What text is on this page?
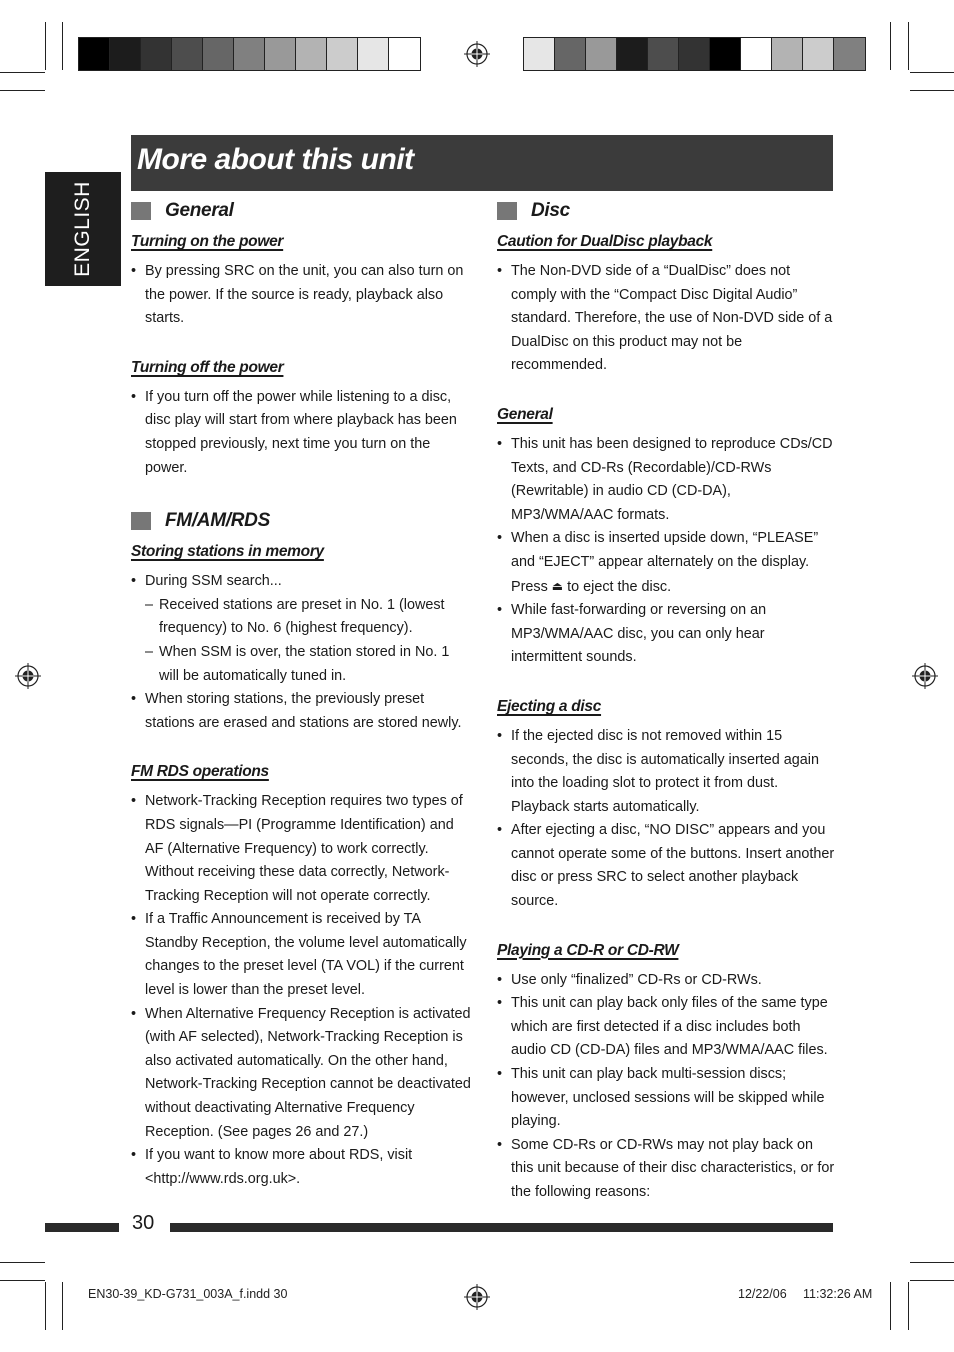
More about this unit
ENGLISH	General
Turning on the power
• By pressing SRC on the unit, you can also turn on the power. If the source is ready, playback also starts.
Turning off the power
• If you turn off the power while listening to a disc, disc play will start from where playback has been stopped previously, next time you turn on the power.
FM/AM/RDS
Storing stations in memory
• During SSM search...
– Received stations are preset in No. 1 (lowest frequency) to No. 6 (highest frequency).
– When SSM is over, the station stored in No. 1 will be automatically tuned in.
• When storing stations, the previously preset stations are erased and stations are stored newly.
FM RDS operations
• Network-Tracking Reception requires two types of RDS signals—PI (Programme Identification) and AF (Alternative Frequency) to work correctly. Without receiving these data correctly, Network-Tracking Reception will not operate correctly.
• If a Traffic Announcement is received by TA Standby Reception, the volume level automatically changes to the preset level (TA VOL) if the current level is lower than the preset level.
• When Alternative Frequency Reception is activated (with AF selected), Network-Tracking Reception is also activated automatically. On the other hand, Network-Tracking Reception cannot be deactivated without deactivating Alternative Frequency Reception. (See pages 26 and 27.)
• If you want to know more about RDS, visit <http://www.rds.org.uk>.
Disc
Caution for DualDisc playback
• The Non-DVD side of a “DualDisc” does not comply with the “Compact Disc Digital Audio” standard. Therefore, the use of Non-DVD side of a DualDisc on this product may not be recommended.
General
• This unit has been designed to reproduce CDs/CD Texts, and CD-Rs (Recordable)/CD-RWs (Rewritable) in audio CD (CD-DA), MP3/WMA/AAC formats.
• When a disc is inserted upside down, “PLEASE” and “EJECT” appear alternately on the display. Press ⏏ to eject the disc.
• While fast-forwarding or reversing on an MP3/WMA/AAC disc, you can only hear intermittent sounds.
Ejecting a disc
• If the ejected disc is not removed within 15 seconds, the disc is automatically inserted again into the loading slot to protect it from dust. Playback starts automatically.
• After ejecting a disc, “NO DISC” appears and you cannot operate some of the buttons. Insert another disc or press SRC to select another playback source.
Playing a CD-R or CD-RW
• Use only “finalized” CD-Rs or CD-RWs.
• This unit can play back only files of the same type which are first detected if a disc includes both audio CD (CD-DA) files and MP3/WMA/AAC files.
• This unit can play back multi-session discs; however, unclosed sessions will be skipped while playing.
• Some CD-Rs or CD-RWs may not play back on this unit because of their disc characteristics, or for the following reasons:
30
EN30-39_KD-G731_003A_f.indd 30	12/22/06 11:32:26 AM
